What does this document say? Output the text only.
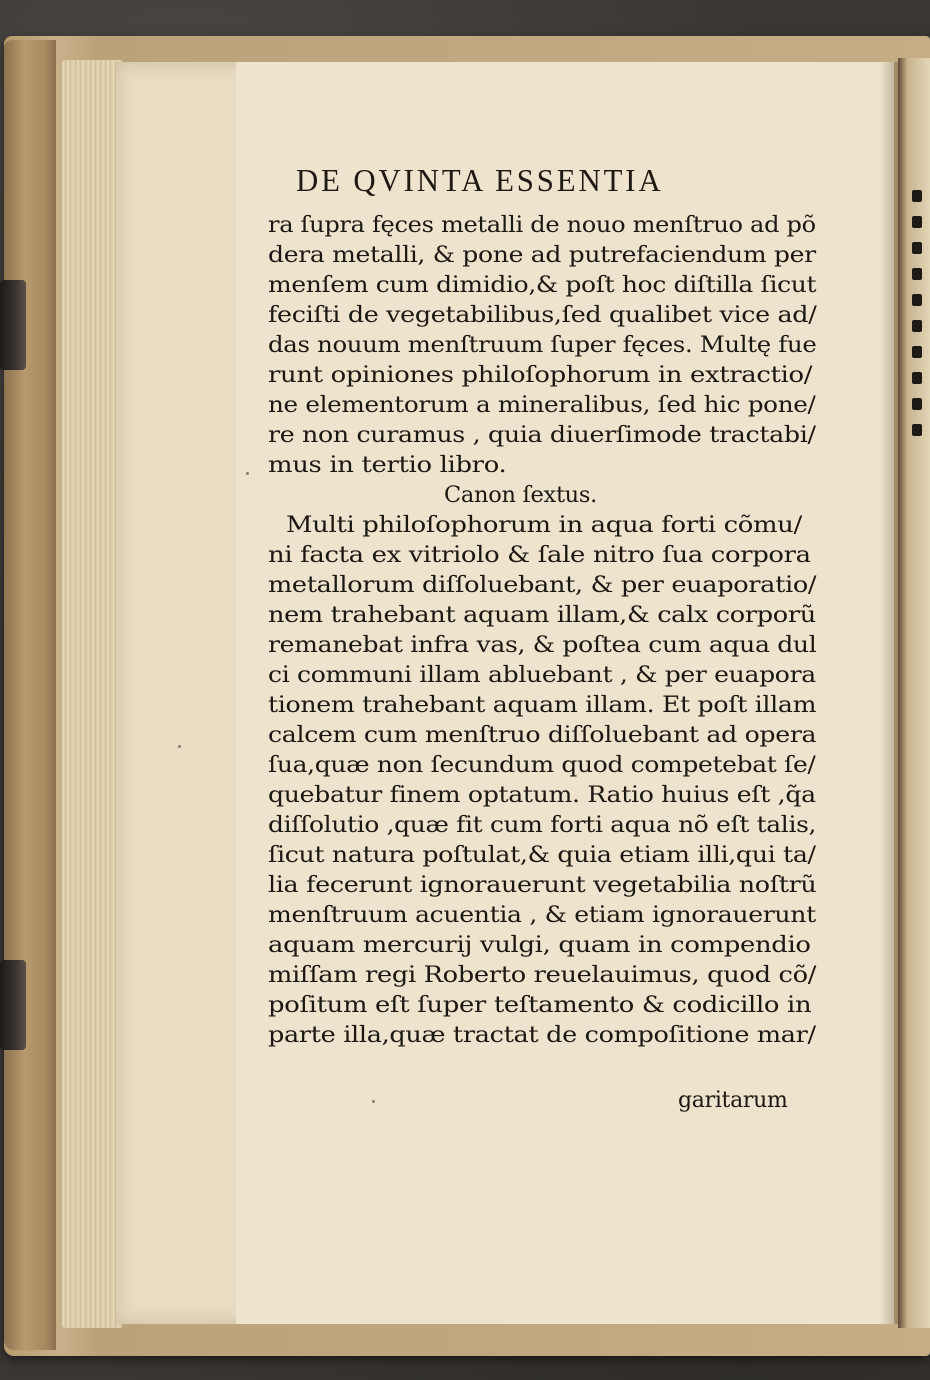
DE QVINTA ESSENTIA
ra ſupra fęces metalli de nouo menſtruo ad põ
dera metalli, & pone ad putrefaciendum per
menſem cum dimidio,& poſt hoc diſtilla ſicut
feciſti de vegetabilibus,ſed qualibet vice ad/
das nouum menſtruum ſuper fęces. Multę fue
runt opiniones philoſophorum in extractio/
ne elementorum a mineralibus, ſed hic pone/
re non curamus , quia diuerſimode tractabi/
mus in tertio libro.
Canon ſextus.
Multi philoſophorum in aqua forti cõmu/
ni facta ex vitriolo & ſale nitro ſua corpora
metallorum diſſoluebant, & per euaporatio/
nem trahebant aquam illam,& calx corporũ
remanebat infra vas, & poſtea cum aqua dul
ci communi illam abluebant , & per euapora
tionem trahebant aquam illam. Et poſt illam
calcem cum menſtruo diſſoluebant ad opera
ſua,quæ non ſecundum quod competebat ſe/
quebatur finem optatum. Ratio huius eſt ,q̃a
diſſolutio ,quæ fit cum forti aqua nõ eſt talis,
ſicut natura poſtulat,& quia etiam illi,qui ta/
lia fecerunt ignorauerunt vegetabilia noſtrũ
menſtruum acuentia , & etiam ignorauerunt
aquam mercurij vulgi, quam in compendio
miſſam regi Roberto reuelauimus, quod cõ/
poſitum eſt ſuper teſtamento & codicillo in
parte illa,quæ tractat de compoſitione mar/
garitarum
